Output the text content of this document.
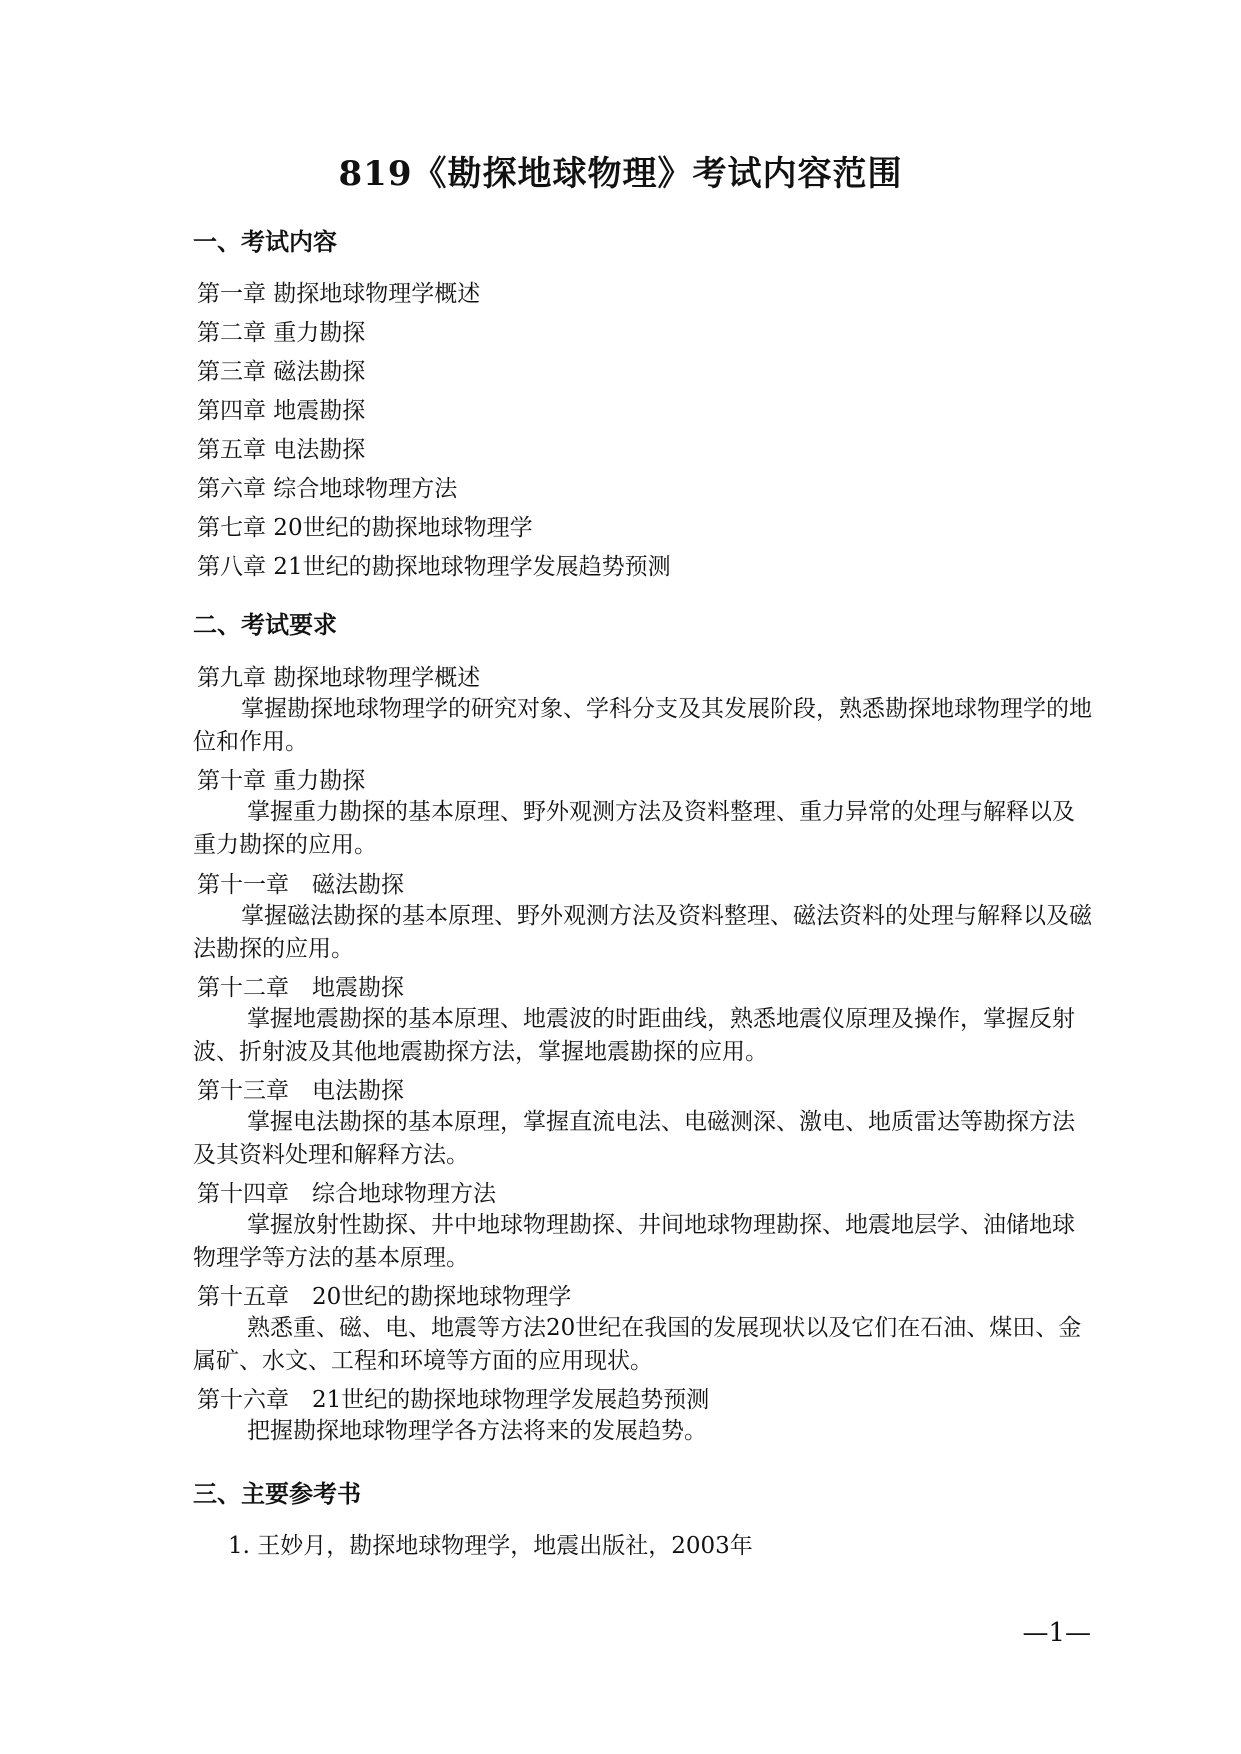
819《勘探地球物理》考试内容范围
一、考试内容
第一章 勘探地球物理学概述
第二章 重力勘探
第三章 磁法勘探
第四章 地震勘探
第五章 电法勘探
第六章 综合地球物理方法
第七章 20世纪的勘探地球物理学
第八章 21世纪的勘探地球物理学发展趋势预测
二、考试要求
第九章 勘探地球物理学概述

掌握勘探地球物理学的研究对象、学科分支及其发展阶段，熟悉勘探地球物理学的地位和作用。

第十章 重力勘探

掌握重力勘探的基本原理、野外观测方法及资料整理、重力异常的处理与解释以及重力勘探的应用。

第十一章　磁法勘探

掌握磁法勘探的基本原理、野外观测方法及资料整理、磁法资料的处理与解释以及磁法勘探的应用。

第十二章　地震勘探

掌握地震勘探的基本原理、地震波的时距曲线，熟悉地震仪原理及操作，掌握反射波、折射波及其他地震勘探方法，掌握地震勘探的应用。

第十三章　电法勘探

掌握电法勘探的基本原理，掌握直流电法、电磁测深、激电、地质雷达等勘探方法及其资料处理和解释方法。

第十四章　综合地球物理方法

掌握放射性勘探、井中地球物理勘探、井间地球物理勘探、地震地层学、油储地球物理学等方法的基本原理。

第十五章　20世纪的勘探地球物理学

熟悉重、磁、电、地震等方法20世纪在我国的发展现状以及它们在石油、煤田、金属矿、水文、工程和环境等方面的应用现状。

第十六章　21世纪的勘探地球物理学发展趋势预测

把握勘探地球物理学各方法将来的发展趋势。

三、主要参考书
1. 王妙月，勘探地球物理学，地震出版社，2003年
—1—
